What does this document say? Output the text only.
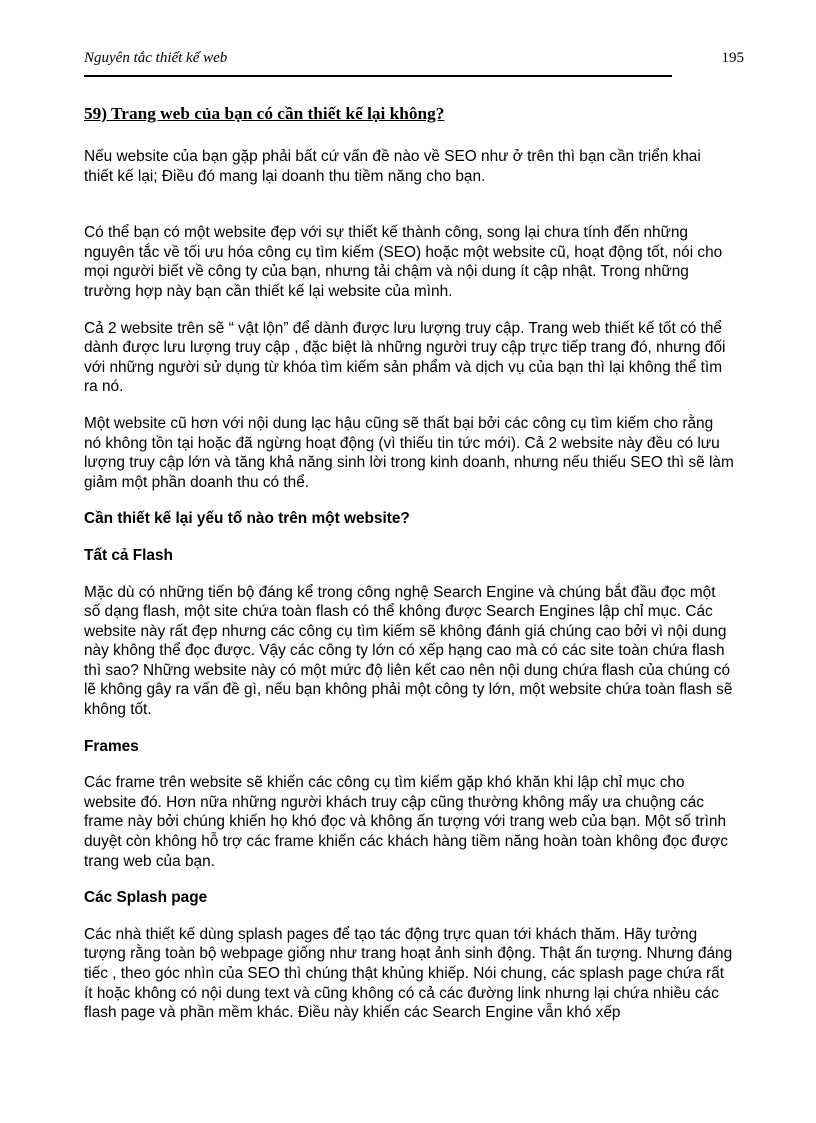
Nguyên tắc thiết kế web	195
59) Trang web của bạn có cần thiết kế lại không?

Nếu website của bạn gặp phải bất cứ vấn đề nào về SEO như ở trên thì bạn cần triển khai thiết kế lại; Điều đó mang lại doanh thu tiềm năng cho bạn.

Có thể bạn có một website đẹp với sự thiết kế thành công, song lại chưa tính đến những nguyên tắc về tối ưu hóa công cụ tìm kiếm (SEO) hoặc một website cũ, hoạt động tốt, nói cho mọi người biết về công ty của bạn, nhưng tải chậm và nội dung ít cập nhật. Trong những trường hợp này bạn cần thiết kế lại website của mình.

Cả 2 website trên sẽ “ vật lộn” để dành được lưu lượng truy cập. Trang web thiết kế tốt có thể dành được lưu lượng truy cập , đặc biệt là những người truy cập trực tiếp trang đó, nhưng đối với những người sử dụng từ khóa tìm kiếm sản phẩm và dịch vụ của bạn thì lại không thể tìm ra nó.

Một website cũ hơn với nội dung lạc hậu cũng sẽ thất bại bởi các công cụ tìm kiếm cho rằng nó không tồn tại hoặc đã ngừng hoạt động (vì thiếu tin tức mới). Cả 2 website này đều có lưu lượng truy cập lớn và tăng khả năng sinh lời trong kinh doanh, nhưng nếu thiếu SEO thì sẽ làm giảm một phần doanh thu có thể.

Cần thiết kế lại yếu tố nào trên một website?

Tất cả Flash

Mặc dù có những tiến bộ đáng kể trong công nghệ Search Engine và chúng bắt đầu đọc một số dạng flash, một site chứa toàn flash có thể không được Search Engines lập chỉ mục. Các website này rất đẹp nhưng các công cụ tìm kiếm sẽ không đánh giá chúng cao bởi vì nội dung này không thể đọc được. Vậy các công ty lớn có xếp hạng cao mà có các site toàn chứa flash thì sao? Những website này có một mức độ liên kết cao nên nội dung chứa flash của chúng có lẽ không gây ra vấn đề gì, nếu bạn không phải một công ty lớn, một website chứa toàn flash sẽ không tốt.

Frames

Các frame trên website sẽ khiến các công cụ tìm kiếm gặp khó khăn khi lập chỉ mục cho website đó. Hơn nữa những người khách truy cập cũng thường không mấy ưa chuộng các frame này bởi chúng khiến họ khó đọc và không ấn tượng với trang web của bạn. Một số trình duyệt còn không hỗ trợ các frame khiến các khách hàng tiềm năng hoàn toàn không đọc được trang web của bạn.

Các Splash page

Các nhà thiết kế dùng splash pages để tạo tác động trực quan tới khách thăm. Hãy tưởng tượng rằng toàn bộ webpage giống như trang hoạt ảnh sinh động. Thật ấn tượng. Nhưng đáng tiếc , theo góc nhìn của SEO thì chúng thật khủng khiếp. Nói chung, các splash page chứa rất ít hoặc không có nội dung text và cũng không có cả các đường link nhưng lại chứa nhiều các flash page và phần mềm khác. Điều này khiến các Search Engine vẫn khó xếp
